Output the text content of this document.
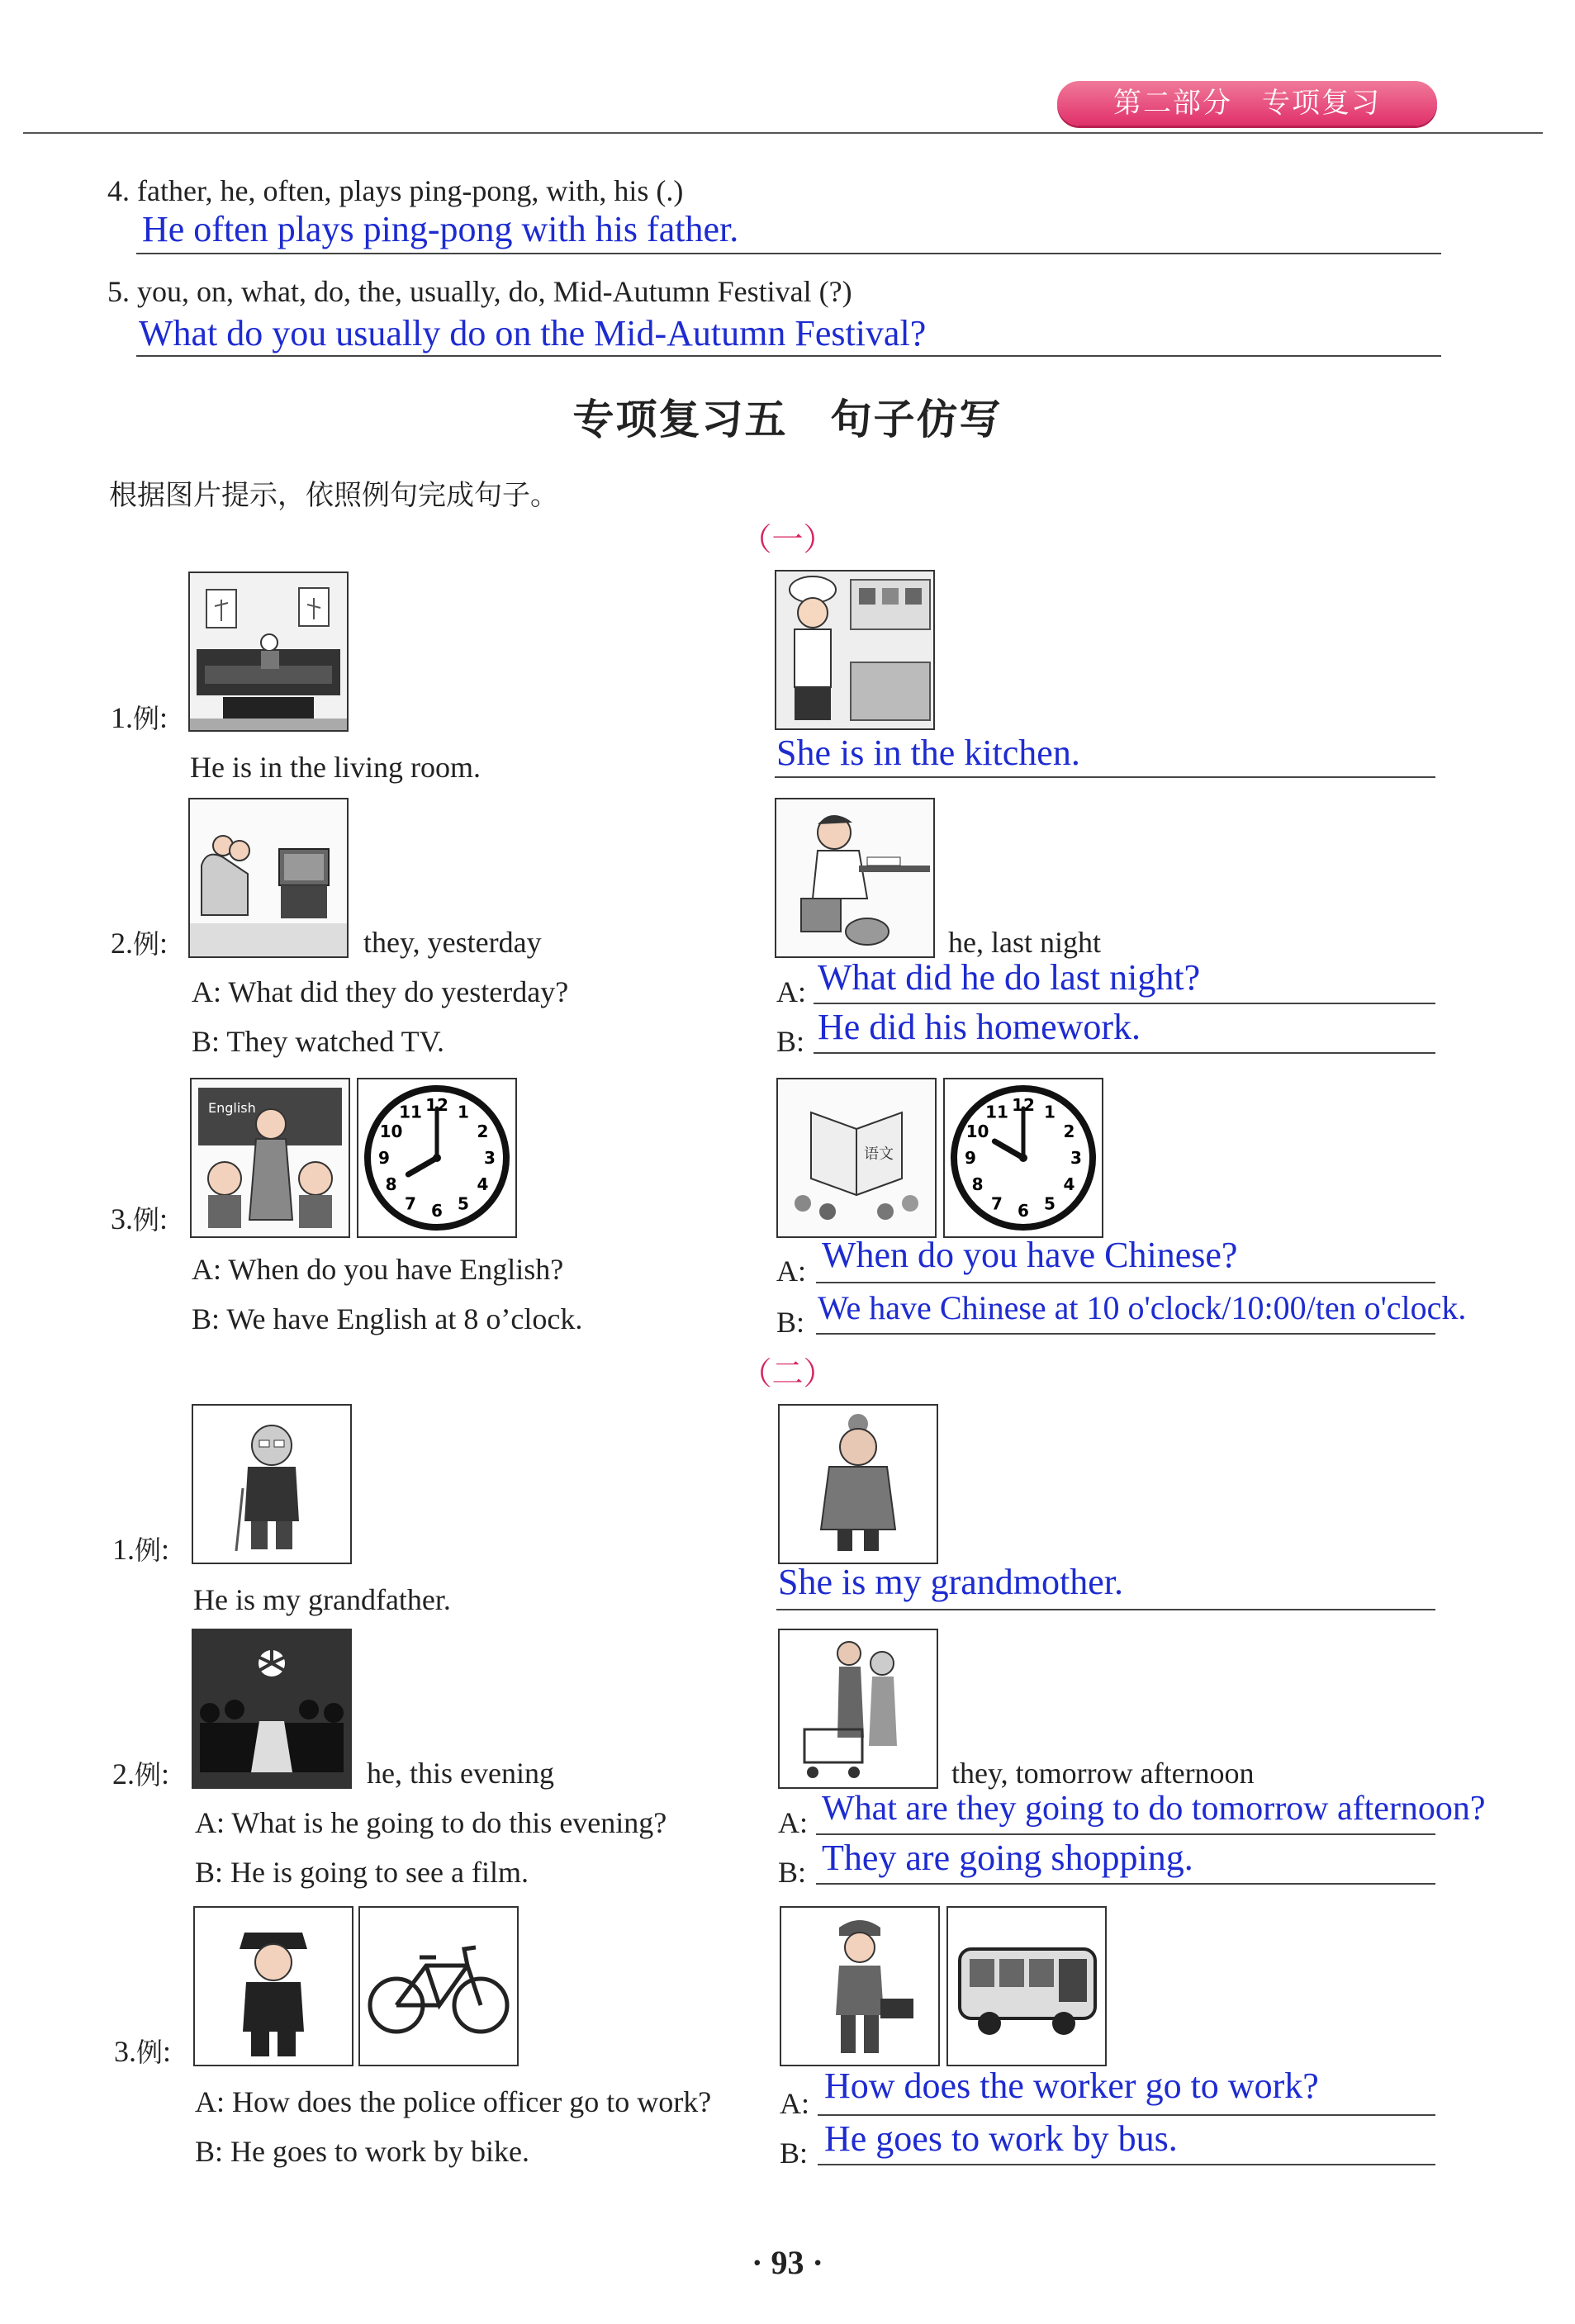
第二部分　专项复习
4. father, he, often, plays ping-pong, with, his (.)
He often plays ping-pong with his father.
5. you, on, what, do, the, usually, do, Mid-Autumn Festival (?)
What do you usually do on the Mid-Autumn Festival?
专项复习五　句子仿写
根据图片提示，依照例句完成句子。
（一）
1.例:
He is in the living room.	She is in the kitchen.
2.例:	they, yesterday
A: What did they do yesterday?
B: They watched TV.
he, last night
A: What did he do last night?
B: He did his homework.
English	12 1
2
3
4
5
6
7
8
9
10
11
3.例:
A: When do you have English?
B: We have English at 8 o’clock.
语文
12 1
2
3
4
5
6
7
8
9
10
11
A: When do you have Chinese?
B: We have Chinese at 10 o'clock/10:00/ten o'clock.
（二）
1.例:
He is my grandfather.	She is my grandmother.
2.例:	he, this evening
A: What is he going to do this evening?
B: He is going to see a film.
they, tomorrow afternoon
A: What are they going to do tomorrow afternoon?
B: They are going shopping.
3.例:
A: How does the police officer go to work?
B: He goes to work by bike.
A: How does the worker go to work?
B: He goes to work by bus.
· 93 ·
